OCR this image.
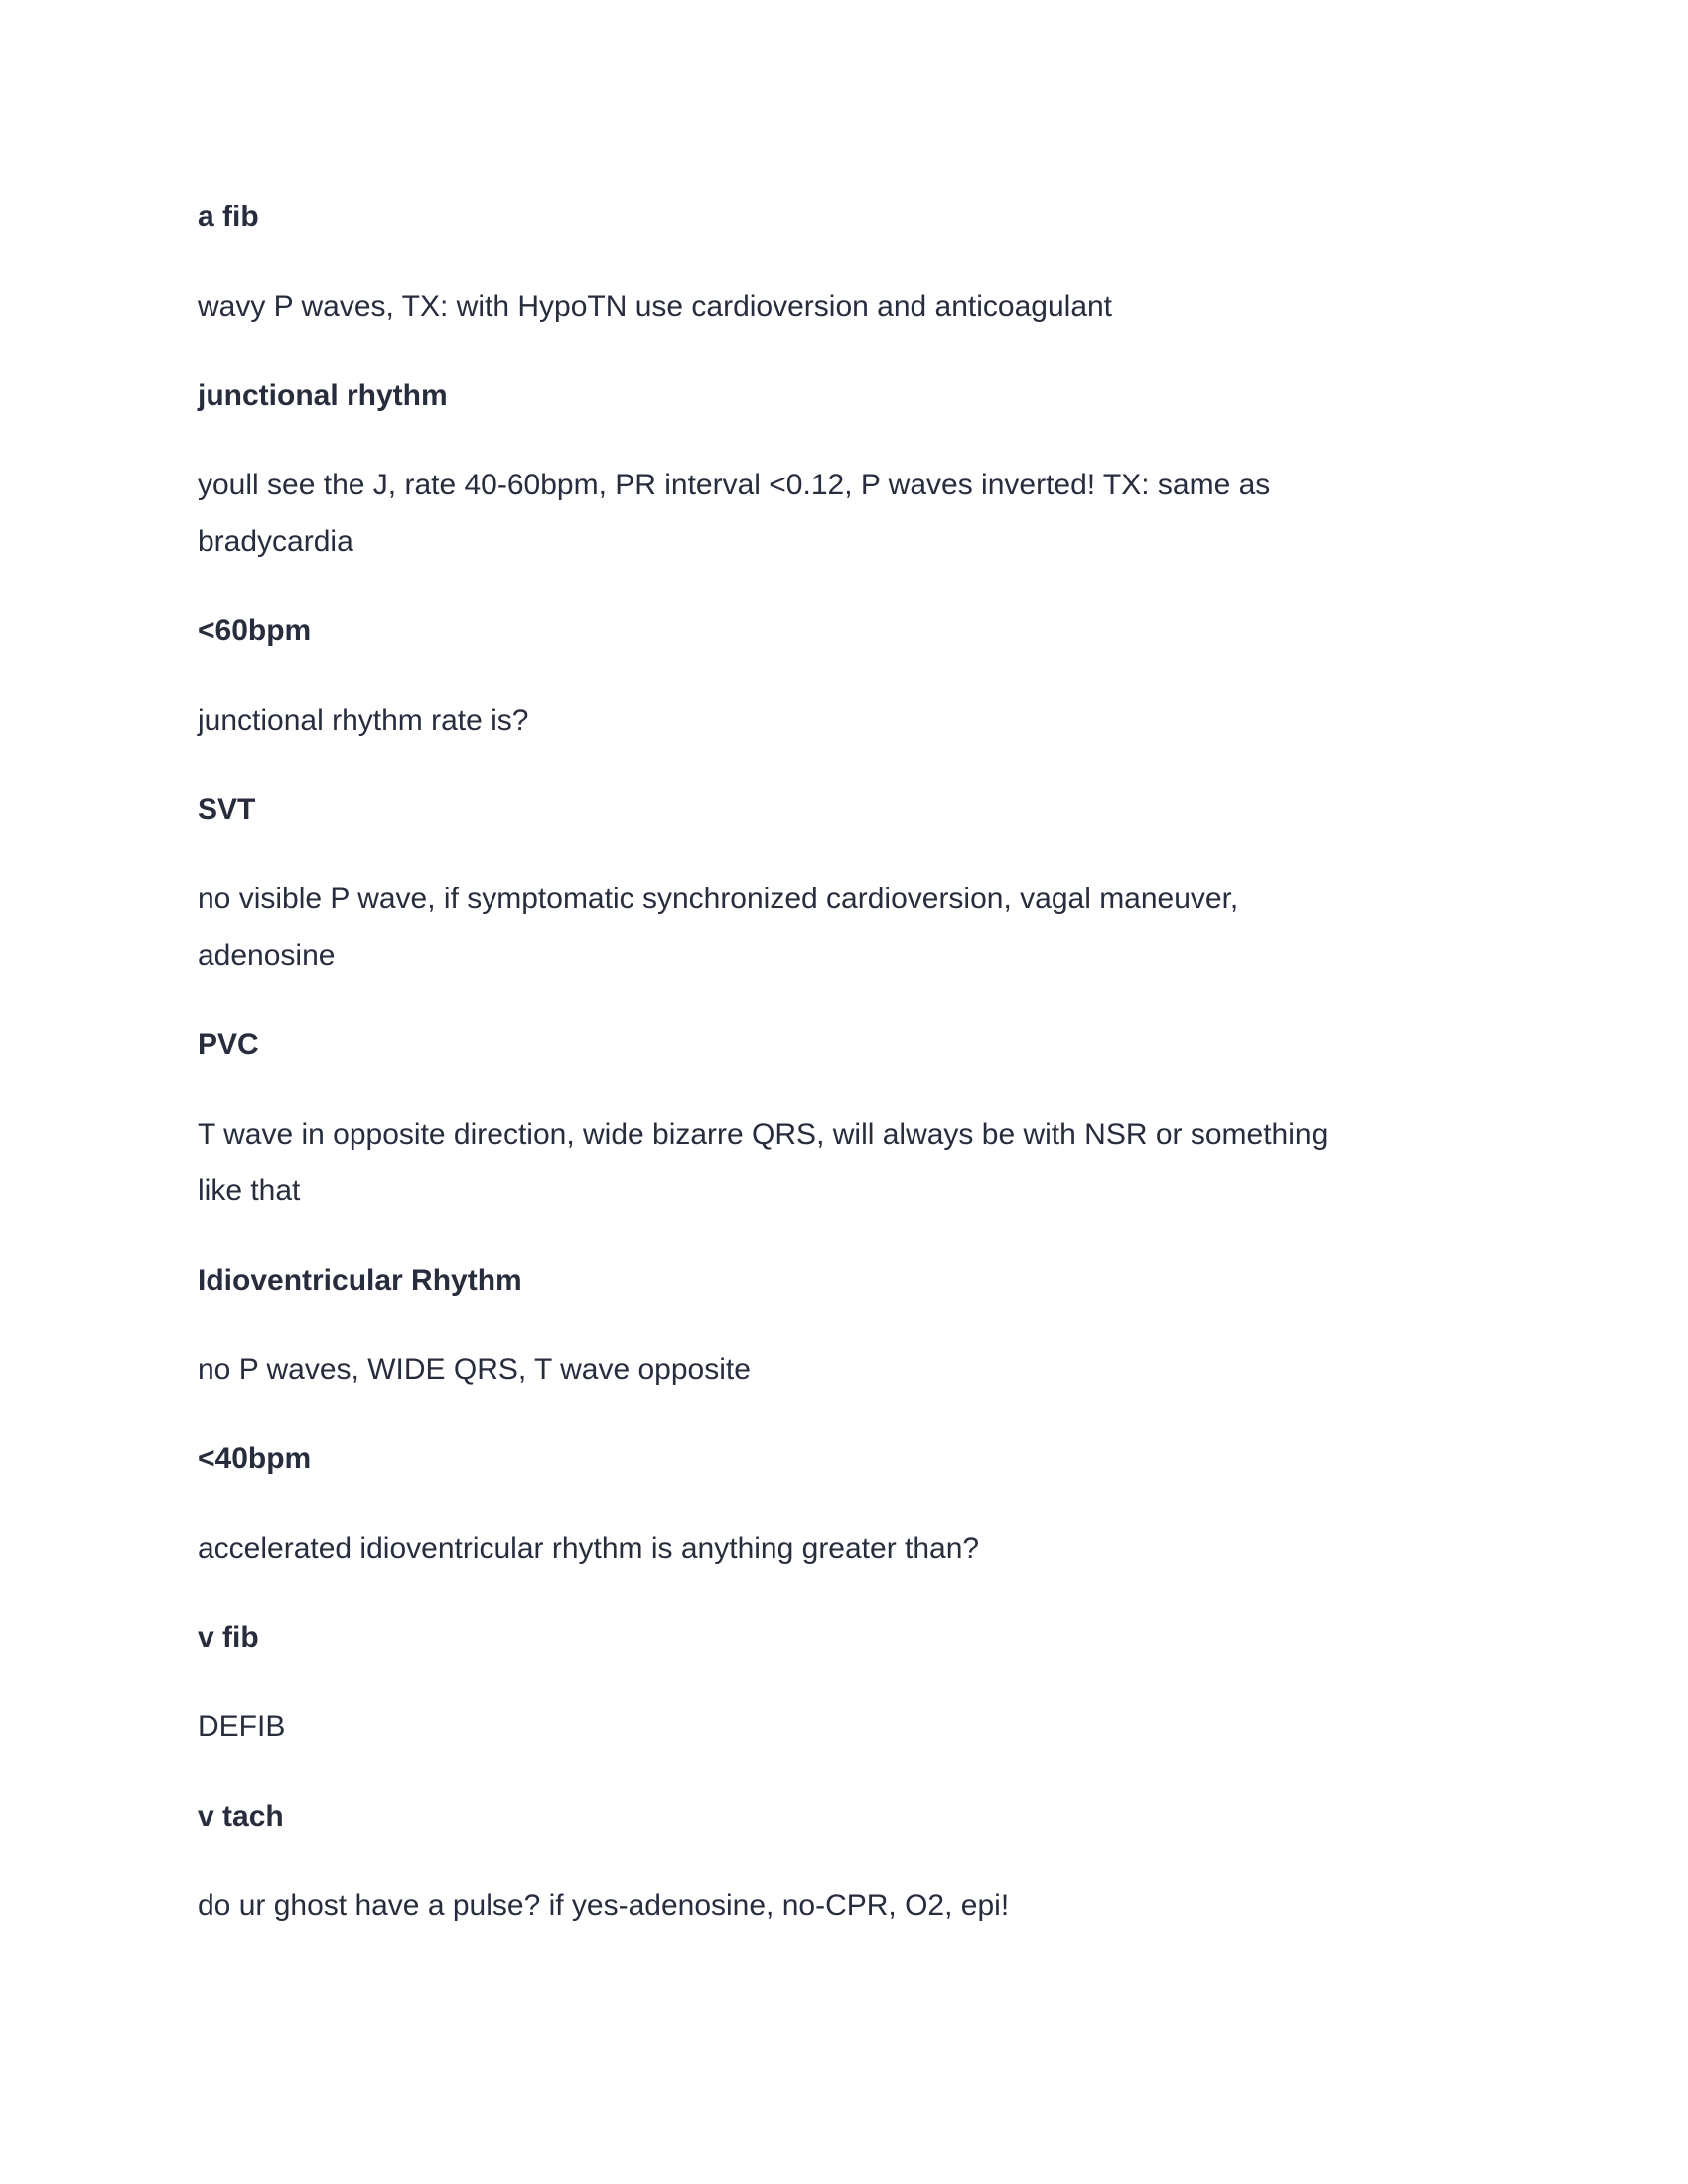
a fib
wavy P waves, TX: with HypoTN use cardioversion and anticoagulant
junctional rhythm
youll see the J, rate 40-60bpm, PR interval <0.12, P waves inverted! TX: same as
bradycardia
<60bpm
junctional rhythm rate is?
SVT
no visible P wave, if symptomatic synchronized cardioversion, vagal maneuver,
adenosine
PVC
T wave in opposite direction, wide bizarre QRS, will always be with NSR or something
like that
Idioventricular Rhythm
no P waves, WIDE QRS, T wave opposite
<40bpm
accelerated idioventricular rhythm is anything greater than?
v fib
DEFIB
v tach
do ur ghost have a pulse? if yes-adenosine, no-CPR, O2, epi!
